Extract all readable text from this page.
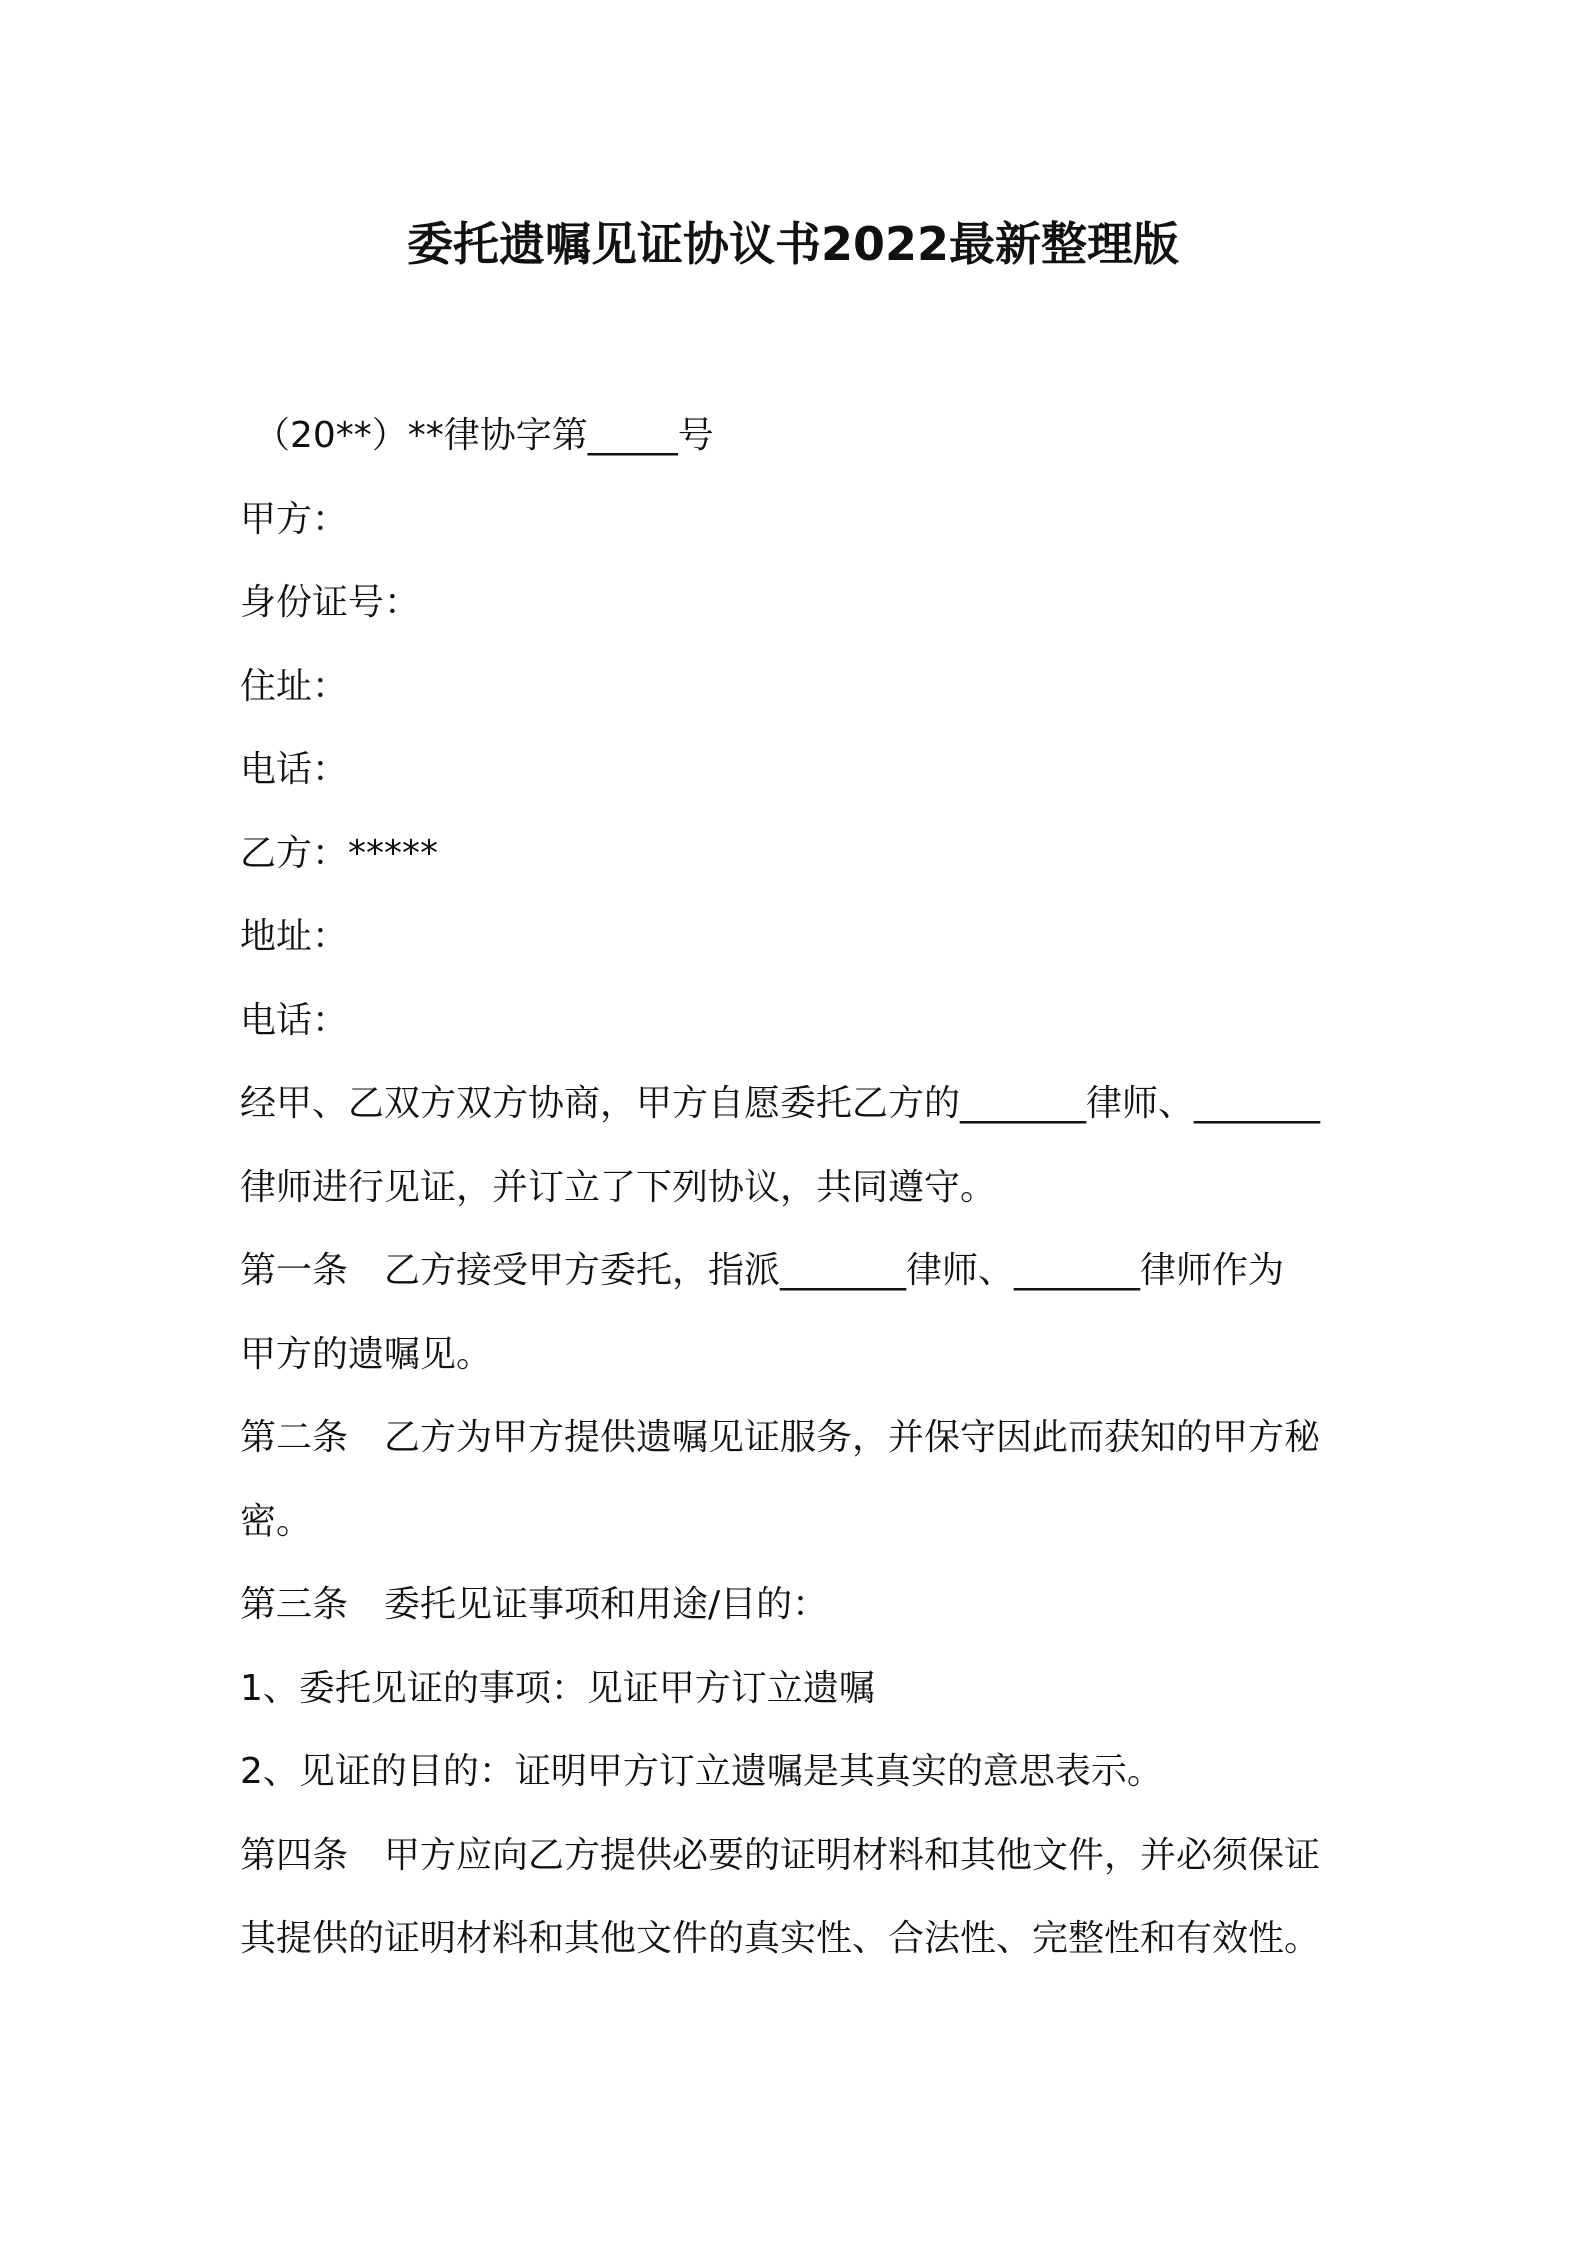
委托遗嘱见证协议书2022最新整理版
（20**）**律协字第_____号
甲方：
身份证号：
住址：
电话：
乙方：*****
地址：
电话：
经甲、乙双方双方协商，甲方自愿委托乙方的_______律师、_______
律师进行见证，并订立了下列协议，共同遵守。
第一条　乙方接受甲方委托，指派_______律师、_______律师作为
甲方的遗嘱见。
第二条　乙方为甲方提供遗嘱见证服务，并保守因此而获知的甲方秘
密。
第三条　委托见证事项和用途/目的：
1、委托见证的事项：见证甲方订立遗嘱
2、见证的目的：证明甲方订立遗嘱是其真实的意思表示。
第四条　甲方应向乙方提供必要的证明材料和其他文件，并必须保证
其提供的证明材料和其他文件的真实性、合法性、完整性和有效性。
